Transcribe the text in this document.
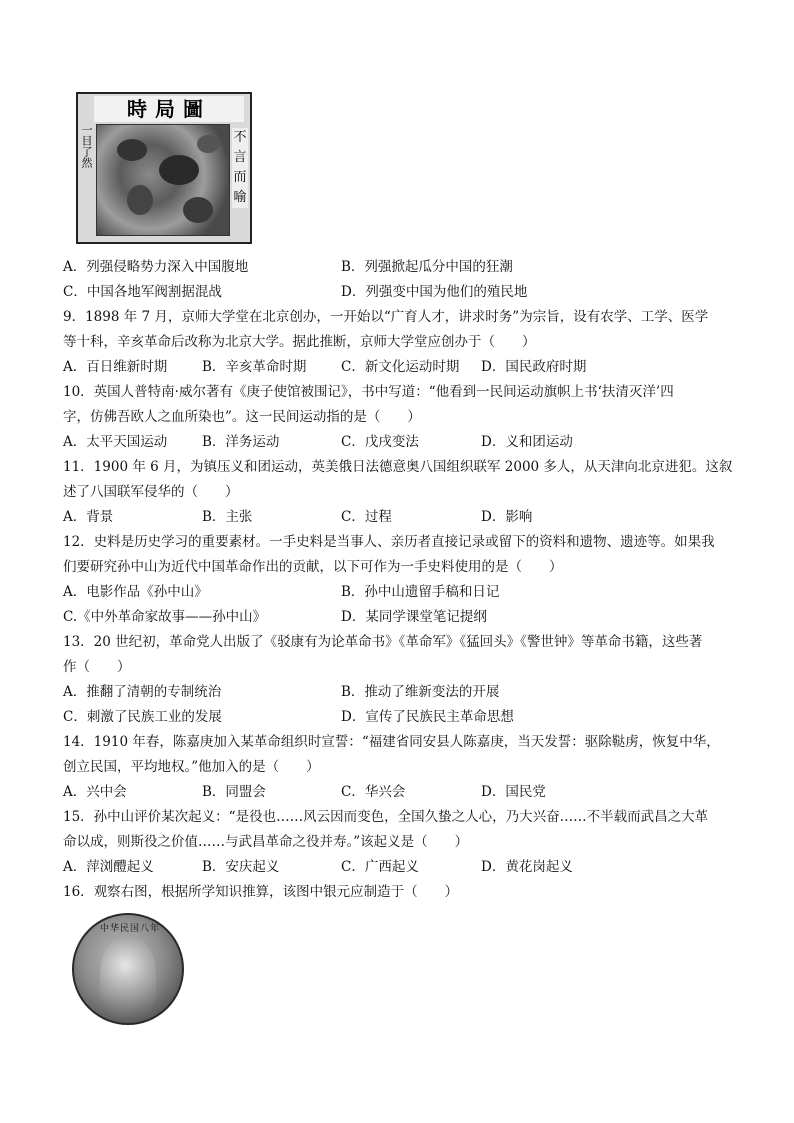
時局圖
一目了然	不言而喻
A．列强侵略势力深入中国腹地	B．列强掀起瓜分中国的狂潮
C．中国各地军阀割据混战	D．列强变中国为他们的殖民地
9．1898 年 7 月，京师大学堂在北京创办，一开始以“广育人才，讲求时务”为宗旨，设有农学、工学、医学
等十科，辛亥革命后改称为北京大学。据此推断，京师大学堂应创办于（　　）
A．百日维新时期	B．辛亥革命时期	C．新文化运动时期 D．国民政府时期
10．英国人普特南·威尔著有《庚子使馆被围记》，书中写道：“他看到一民间运动旗帜上书‘扶清灭洋’四
字，仿佛吾欧人之血所染也”。这一民间运动指的是（　　）
A．太平天国运动	B．洋务运动	C．戊戌变法	D．义和团运动
11．1900 年 6 月，为镇压义和团运动，英美俄日法德意奥八国组织联军 2000 多人，从天津向北京进犯。这叙
述了八国联军侵华的（　　）
A．背景	B．主张	C．过程	D．影响
12．史料是历史学习的重要素材。一手史料是当事人、亲历者直接记录或留下的资料和遗物、遗迹等。如果我
们要研究孙中山为近代中国革命作出的贡献，以下可作为一手史料使用的是（　　）
A．电影作品《孙中山》	B．孙中山遗留手稿和日记
C.《中外革命家故事——孙中山》	D．某同学课堂笔记提纲
13．20 世纪初，革命党人出版了《驳康有为论革命书》《革命军》《猛回头》《警世钟》等革命书籍，这些著
作（　　）
A．推翻了清朝的专制统治	B．推动了维新变法的开展
C．刺激了民族工业的发展	D．宣传了民族民主革命思想
14．1910 年春，陈嘉庚加入某革命组织时宣誓：“福建省同安县人陈嘉庚，当天发誓：驱除鞑虏，恢复中华，
创立民国，平均地权。”他加入的是（　　）
A．兴中会	B．同盟会	C．华兴会	D．国民党
15．孙中山评价某次起义：“是役也……风云因而变色，全国久蛰之人心，乃大兴奋……不半载而武昌之大革
命以成，则斯役之价值……与武昌革命之役并寿。”该起义是（　　）
A．萍浏醴起义	B．安庆起义	C．广西起义	D．黄花岗起义
16．观察右图，根据所学知识推算，该图中银元应制造于（　　）
中华民国八年
